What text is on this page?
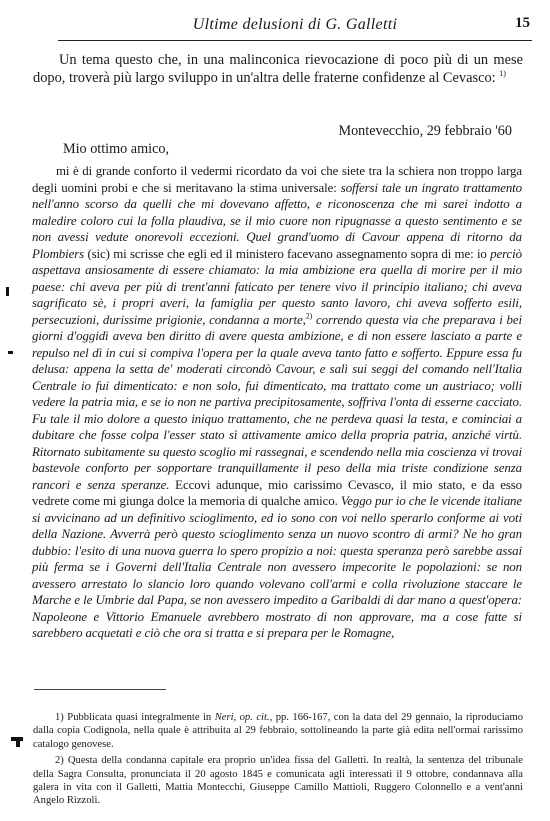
Ultime delusioni di G. Galletti	15

Un tema questo che, in una malinconica rievocazione di poco più di un mese dopo, troverà più largo sviluppo in un'altra delle fraterne confidenze al Cevasco: $^{1)}$

Montevecchio, 29 febbraio '60
Mio ottimo amico,

mi è di grande conforto il vedermi ricordato da voi che siete tra la schiera non troppo larga degli uomini probi e che si meritavano la stima universale: soffersi tale un ingrato trattamento nell'anno scorso da quelli che mi dovevano affetto, e riconoscenza che mi sarei indotto a maledire coloro cui la folla plaudiva, se il mio cuore non ripugnasse a questo sentimento e se non avessi vedute onorevoli eccezioni. Quel grand'uomo di Cavour appena di ritorno da Plombiers (sic) mi scrisse che egli ed il ministero facevano assegnamento sopra di me: io perciò aspettava ansiosamente di essere chiamato: la mia ambizione era quella di morire per il mio paese: chi aveva per più di trent'anni faticato per tenere vivo il principio italiano; chi aveva sagrificato sè, i propri averi, la famiglia per questo santo lavoro, chi aveva sofferto esili, persecuzioni, durissime prigionie, condanna a morte,$^{2)}$ correndo questa via che preparava i bei giorni d'oggidì aveva ben diritto di avere questa ambizione, e di non essere lasciato a parte e repulso nel dì in cui si compiva l'opera per la quale aveva tanto fatto e sofferto. Eppure essa fu delusa: appena la setta de' moderati circondò Cavour, e salì sui seggi del comando nell'Italia Centrale io fui dimenticato: e non solo, fui dimenticato, ma trattato come un austriaco; volli vedere la patria mia, e se io non ne partiva precipitosamente, soffriva l'onta di esserne cacciato. Fu tale il mio dolore a questo iniquo trattamento, che ne perdeva quasi la testa, e cominciai a dubitare che fosse colpa l'esser stato sì attivamente amico della propria patria, anziché virtù. Ritornato subitamente su questo scoglio mi rassegnai, e scendendo nella mia coscienza vi trovai bastevole conforto per sopportare tranquillamente il peso della mia triste condizione senza rancori e senza speranze. Eccovi adunque, mio carissimo Cevasco, il mio stato, e da esso vedrete come mi giunga dolce la memoria di qualche amico. Veggo pur io che le vicende italiane si avvicinano ad un definitivo scioglimento, ed io sono con voi nello sperarlo conforme ai voti della Nazione. Avverrà però questo scioglimento senza un nuovo scontro di armi? Ne ho gran dubbio: l'esito di una nuova guerra lo spero propizio a noi: questa speranza però sarebbe assai più ferma se i Governi dell'Italia Centrale non avessero impecorite le popolazioni: se non avessero arrestato lo slancio loro quando volevano coll'armi e colla rivoluzione staccare le Marche e le Umbrie dal Papa, se non avessero impedito a Garibaldi di dar mano a quest'opera: Napoleone e Vittorio Emanuele avrebbero mostrato di non approvare, ma a cose fatte si sarebbero acquetati e ciò che ora si tratta e si prepara per le Romagne,

1) Pubblicata quasi integralmente in Neri, op. cit., pp. 166-167, con la data del 29 gennaio, la riproduciamo dalla copia Codignola, nella quale è attribuita al 29 febbraio, sottolineando la parte già edita nell'ormai rarissimo catalogo genovese.

2) Questa della condanna capitale era proprio un'idea fissa del Galletti. In realtà, la sentenza del tribunale della Sagra Consulta, pronunciata il 20 agosto 1845 e comunicata agli interessati il 9 ottobre, condannava alla galera in vita con il Galletti, Mattia Montecchi, Giuseppe Camillo Mattioli, Ruggero Colonnello e a vent'anni Angelo Rizzoli.
